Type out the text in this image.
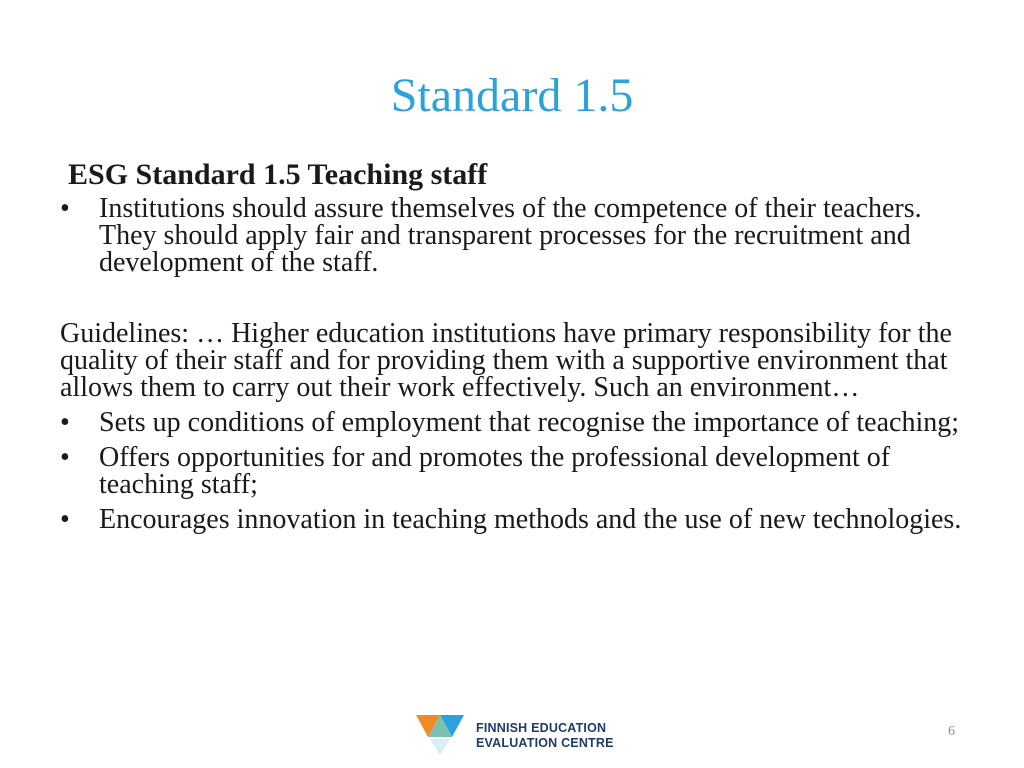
Standard 1.5
ESG Standard 1.5 Teaching staff
• Institutions should assure themselves of the competence of their teachers. They should apply fair and transparent processes for the recruitment and development of the staff.
Guidelines: … Higher education institutions have primary responsibility for the quality of their staff and for providing them with a supportive environment that allows them to carry out their work effectively. Such an environment…
• Sets up conditions of employment that recognise the importance of teaching;
• Offers opportunities for and promotes the professional development of teaching staff;
• Encourages innovation in teaching methods and the use of new technologies.
FINNISH EDUCATION
EVALUATION CENTRE
6
